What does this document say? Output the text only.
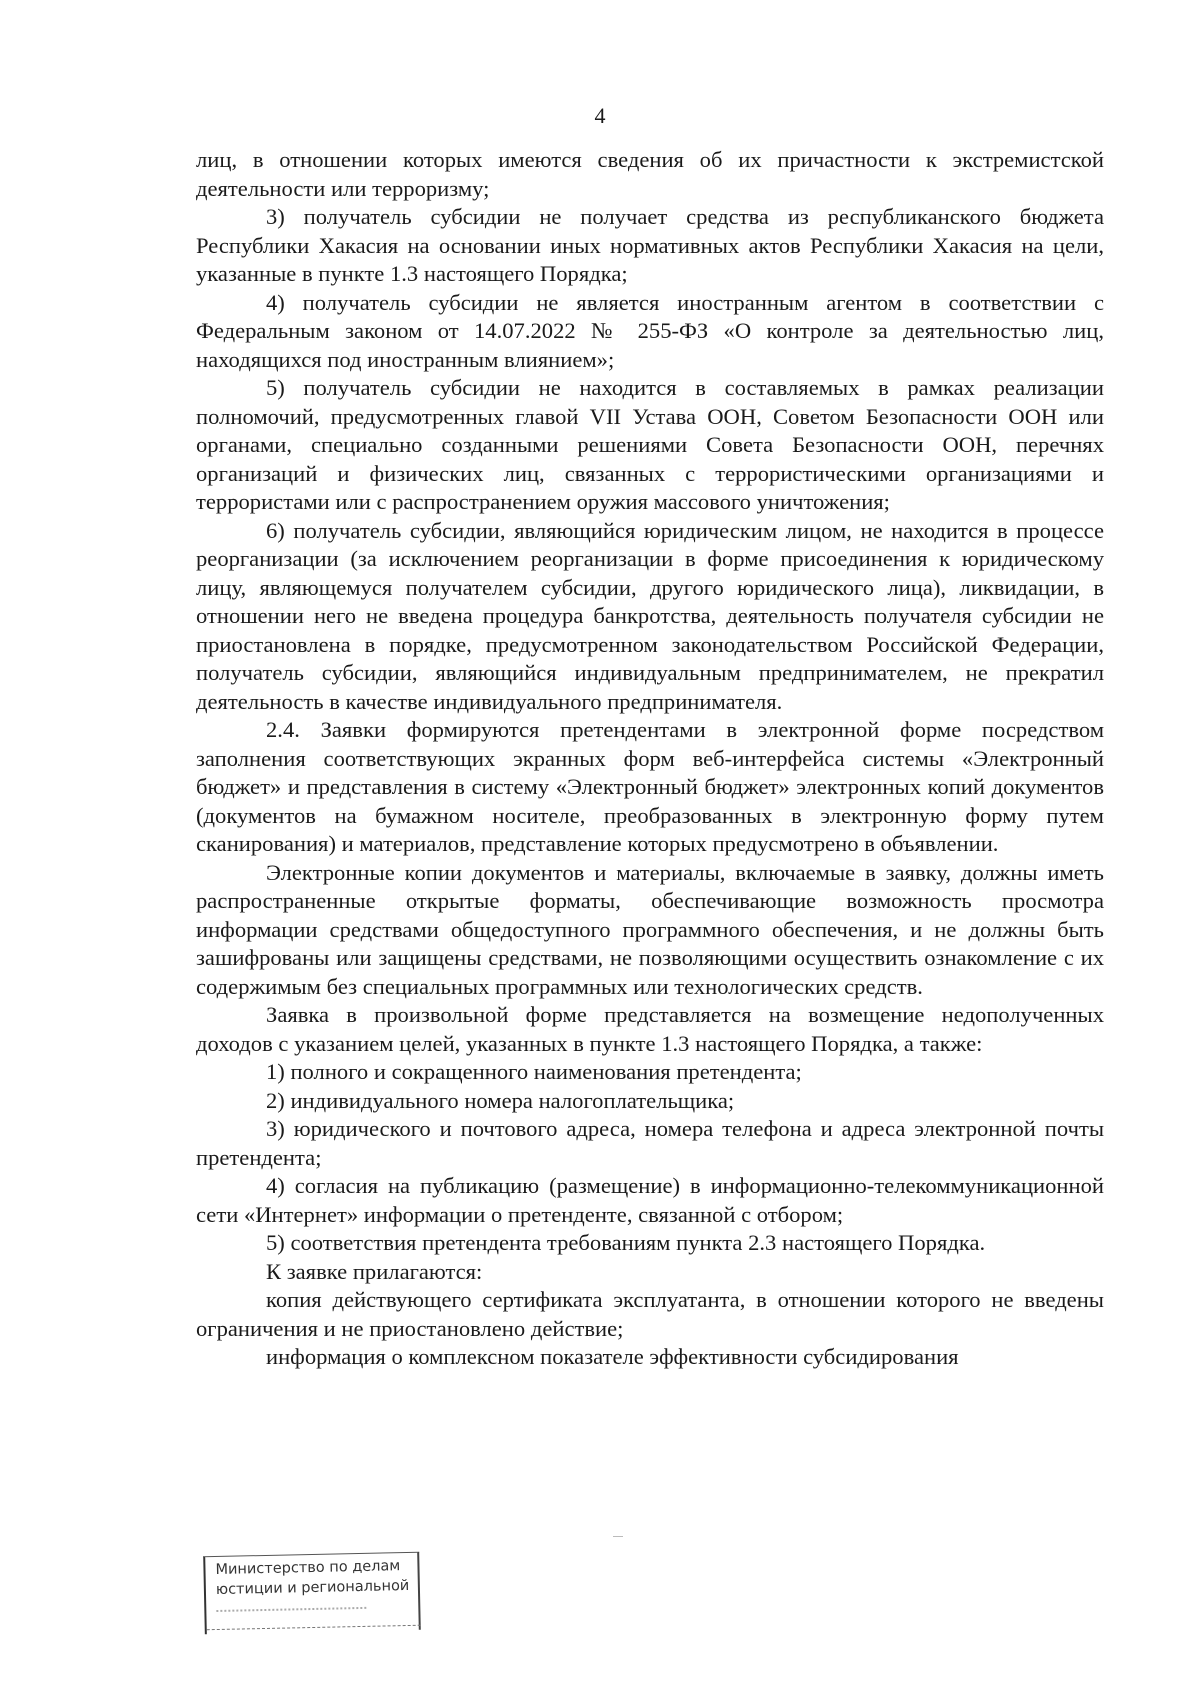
4

лиц, в отношении которых имеются сведения об их причастности к экстремистской деятельности или терроризму;

3) получатель субсидии не получает средства из республиканского бюджета Республики Хакасия на основании иных нормативных актов Республики Хакасия на цели, указанные в пункте 1.3 настоящего Порядка;

4) получатель субсидии не является иностранным агентом в соответствии с Федеральным законом от 14.07.2022 № 255-ФЗ «О контроле за деятельностью лиц, находящихся под иностранным влиянием»;

5) получатель субсидии не находится в составляемых в рамках реализации полномочий, предусмотренных главой VII Устава ООН, Советом Безопасности ООН или органами, специально созданными решениями Совета Безопасности ООН, перечнях организаций и физических лиц, связанных с террористическими организациями и террористами или с распространением оружия массового уничтожения;

6) получатель субсидии, являющийся юридическим лицом, не находится в процессе реорганизации (за исключением реорганизации в форме присоединения к юридическому лицу, являющемуся получателем субсидии, другого юридического лица), ликвидации, в отношении него не введена процедура банкротства, деятельность получателя субсидии не приостановлена в порядке, предусмотренном законодательством Российской Федерации, получатель субсидии, являющийся индивидуальным предпринимателем, не прекратил деятельность в качестве индивидуального предпринимателя.

2.4. Заявки формируются претендентами в электронной форме посредством заполнения соответствующих экранных форм веб-интерфейса системы «Электронный бюджет» и представления в систему «Электронный бюджет» электронных копий документов (документов на бумажном носителе, преобразованных в электронную форму путем сканирования) и материалов, представление которых предусмотрено в объявлении.

Электронные копии документов и материалы, включаемые в заявку, должны иметь распространенные открытые форматы, обеспечивающие возможность просмотра информации средствами общедоступного программного обеспечения, и не должны быть зашифрованы или защищены средствами, не позволяющими осуществить ознакомление с их содержимым без специальных программных или технологических средств.

Заявка в произвольной форме представляется на возмещение недополученных доходов с указанием целей, указанных в пункте 1.3 настоящего Порядка, а также:

1) полного и сокращенного наименования претендента;

2) индивидуального номера налогоплательщика;

3) юридического и почтового адреса, номера телефона и адреса электронной почты претендента;

4) согласия на публикацию (размещение) в информационно-телекоммуникационной сети «Интернет» информации о претенденте, связанной с отбором;

5) соответствия претендента требованиям пункта 2.3 настоящего Порядка.

К заявке прилагаются:

копия действующего сертификата эксплуатанта, в отношении которого не введены ограничения и не приостановлено действие;

информация о комплексном показателе эффективности субсидирования

Министерство по делам
юстиции и региональной
